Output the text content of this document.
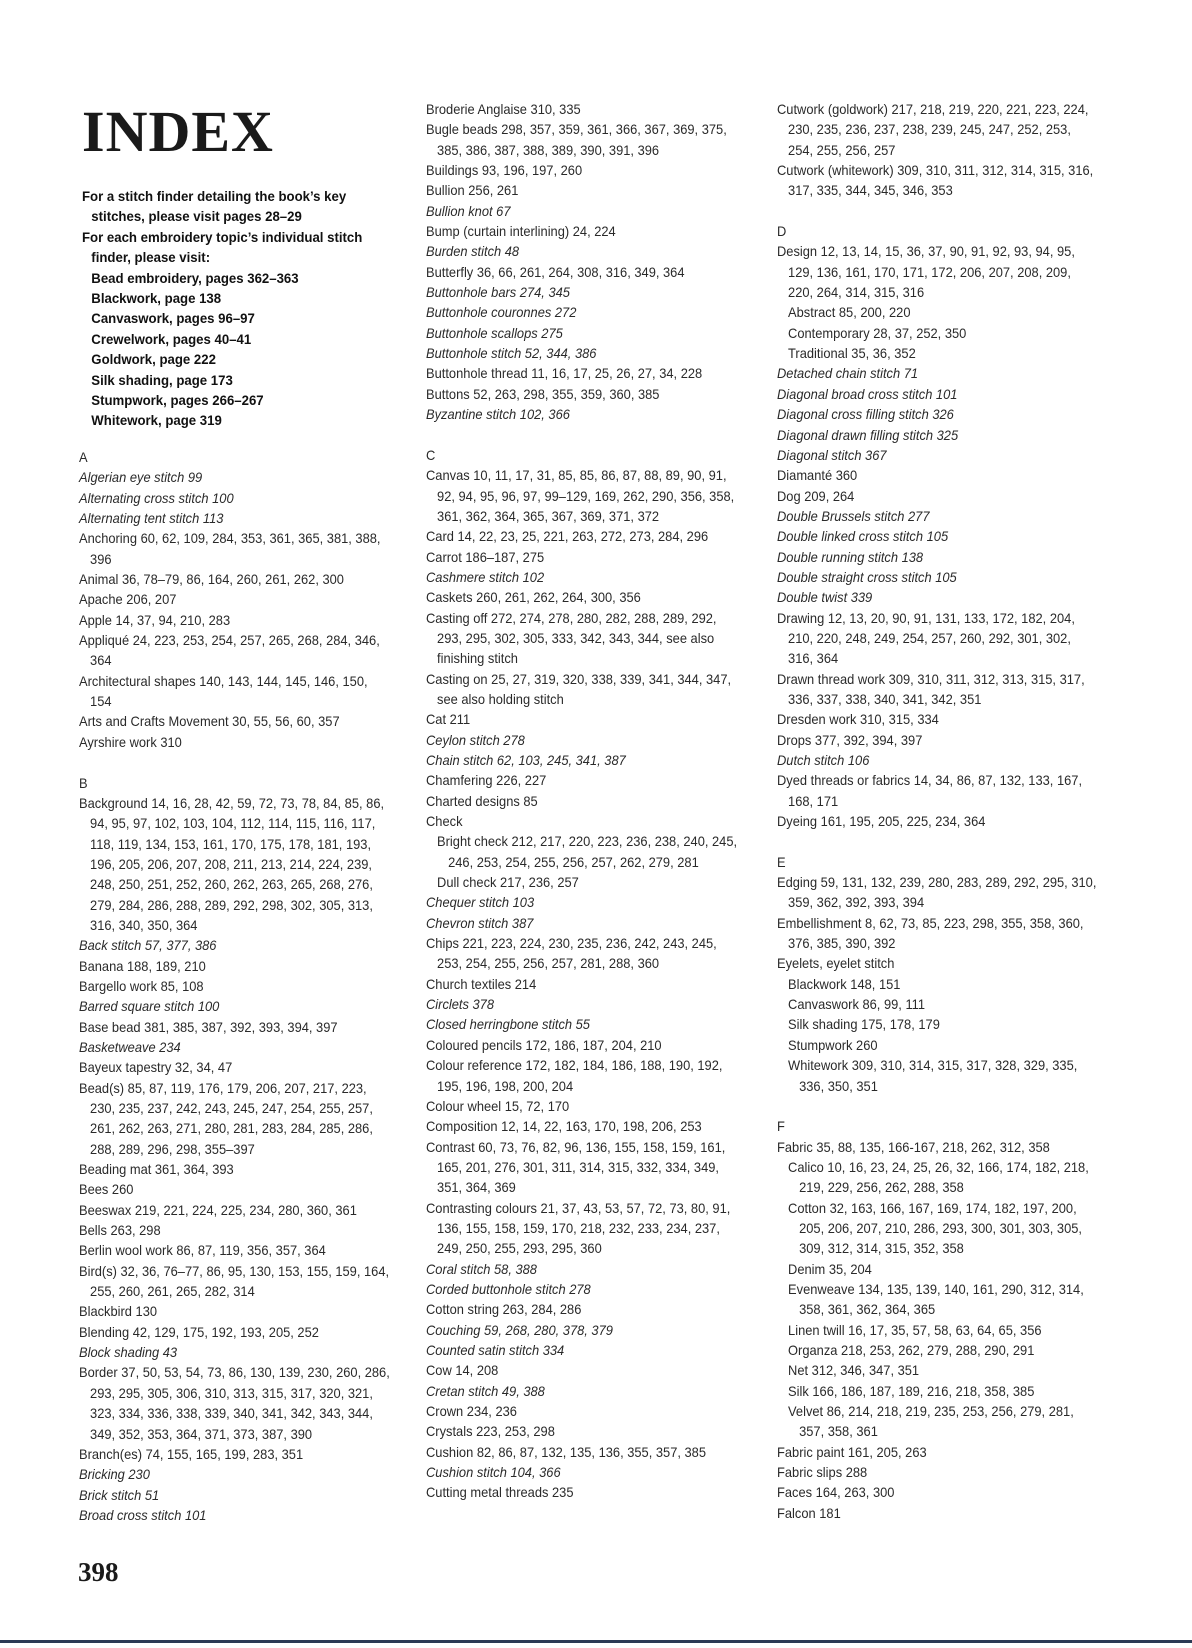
INDEX
For a stitch finder detailing the book’s key
stitches, please visit pages 28–29
For each embroidery topic’s individual stitch
finder, please visit:
Bead embroidery, pages 362–363
Blackwork, page 138
Canvaswork, pages 96–97
Crewelwork, pages 40–41
Goldwork, page 222
Silk shading, page 173
Stumpwork, pages 266–267
Whitework, page 319
A
Algerian eye stitch 99
Alternating cross stitch 100
Alternating tent stitch 113
Anchoring 60, 62, 109, 284, 353, 361, 365, 381, 388, 396
Animal 36, 78–79, 86, 164, 260, 261, 262, 300
Apache 206, 207
Apple 14, 37, 94, 210, 283
Appliqué 24, 223, 253, 254, 257, 265, 268, 284, 346, 364
Architectural shapes 140, 143, 144, 145, 146, 150, 154
Arts and Crafts Movement 30, 55, 56, 60, 357
Ayrshire work 310
B
Background 14, 16, 28, 42, 59, 72, 73, 78, 84, 85, 86, 94, 95, 97, 102, 103, 104, 112, 114, 115, 116, 117, 118, 119, 134, 153, 161, 170, 175, 178, 181, 193, 196, 205, 206, 207, 208, 211, 213, 214, 224, 239, 248, 250, 251, 252, 260, 262, 263, 265, 268, 276, 279, 284, 286, 288, 289, 292, 298, 302, 305, 313, 316, 340, 350, 364
Back stitch 57, 377, 386
Banana 188, 189, 210
Bargello work 85, 108
Barred square stitch 100
Base bead 381, 385, 387, 392, 393, 394, 397
Basketweave 234
Bayeux tapestry 32, 34, 47
Bead(s) 85, 87, 119, 176, 179, 206, 207, 217, 223, 230, 235, 237, 242, 243, 245, 247, 254, 255, 257, 261, 262, 263, 271, 280, 281, 283, 284, 285, 286, 288, 289, 296, 298, 355–397
Beading mat 361, 364, 393
Bees 260
Beeswax 219, 221, 224, 225, 234, 280, 360, 361
Bells 263, 298
Berlin wool work 86, 87, 119, 356, 357, 364
Bird(s) 32, 36, 76–77, 86, 95, 130, 153, 155, 159, 164, 255, 260, 261, 265, 282, 314
Blackbird 130
Blending 42, 129, 175, 192, 193, 205, 252
Block shading 43
Border 37, 50, 53, 54, 73, 86, 130, 139, 230, 260, 286, 293, 295, 305, 306, 310, 313, 315, 317, 320, 321, 323, 334, 336, 338, 339, 340, 341, 342, 343, 344, 349, 352, 353, 364, 371, 373, 387, 390
Branch(es) 74, 155, 165, 199, 283, 351
Bricking 230
Brick stitch 51
Broad cross stitch 101
Broderie Anglaise 310, 335
Bugle beads 298, 357, 359, 361, 366, 367, 369, 375, 385, 386, 387, 388, 389, 390, 391, 396
Buildings 93, 196, 197, 260
Bullion 256, 261
Bullion knot 67
Bump (curtain interlining) 24, 224
Burden stitch 48
Butterfly 36, 66, 261, 264, 308, 316, 349, 364
Buttonhole bars 274, 345
Buttonhole couronnes 272
Buttonhole scallops 275
Buttonhole stitch 52, 344, 386
Buttonhole thread 11, 16, 17, 25, 26, 27, 34, 228
Buttons 52, 263, 298, 355, 359, 360, 385
Byzantine stitch 102, 366
C
Canvas 10, 11, 17, 31, 85, 85, 86, 87, 88, 89, 90, 91, 92, 94, 95, 96, 97, 99–129, 169, 262, 290, 356, 358, 361, 362, 364, 365, 367, 369, 371, 372
Card 14, 22, 23, 25, 221, 263, 272, 273, 284, 296
Carrot 186–187, 275
Cashmere stitch 102
Caskets 260, 261, 262, 264, 300, 356
Casting off 272, 274, 278, 280, 282, 288, 289, 292, 293, 295, 302, 305, 333, 342, 343, 344, see also finishing stitch
Casting on 25, 27, 319, 320, 338, 339, 341, 344, 347, see also holding stitch
Cat 211
Ceylon stitch 278
Chain stitch 62, 103, 245, 341, 387
Chamfering 226, 227
Charted designs 85
Check
Bright check 212, 217, 220, 223, 236, 238, 240, 245, 246, 253, 254, 255, 256, 257, 262, 279, 281
Dull check 217, 236, 257
Chequer stitch 103
Chevron stitch 387
Chips 221, 223, 224, 230, 235, 236, 242, 243, 245, 253, 254, 255, 256, 257, 281, 288, 360
Church textiles 214
Circlets 378
Closed herringbone stitch 55
Coloured pencils 172, 186, 187, 204, 210
Colour reference 172, 182, 184, 186, 188, 190, 192, 195, 196, 198, 200, 204
Colour wheel 15, 72, 170
Composition 12, 14, 22, 163, 170, 198, 206, 253
Contrast 60, 73, 76, 82, 96, 136, 155, 158, 159, 161, 165, 201, 276, 301, 311, 314, 315, 332, 334, 349, 351, 364, 369
Contrasting colours 21, 37, 43, 53, 57, 72, 73, 80, 91, 136, 155, 158, 159, 170, 218, 232, 233, 234, 237, 249, 250, 255, 293, 295, 360
Coral stitch 58, 388
Corded buttonhole stitch 278
Cotton string 263, 284, 286
Couching 59, 268, 280, 378, 379
Counted satin stitch 334
Cow 14, 208
Cretan stitch 49, 388
Crown 234, 236
Crystals 223, 253, 298
Cushion 82, 86, 87, 132, 135, 136, 355, 357, 385
Cushion stitch 104, 366
Cutting metal threads 235
Cutwork (goldwork) 217, 218, 219, 220, 221, 223, 224, 230, 235, 236, 237, 238, 239, 245, 247, 252, 253, 254, 255, 256, 257
Cutwork (whitework) 309, 310, 311, 312, 314, 315, 316, 317, 335, 344, 345, 346, 353
D
Design 12, 13, 14, 15, 36, 37, 90, 91, 92, 93, 94, 95, 129, 136, 161, 170, 171, 172, 206, 207, 208, 209, 220, 264, 314, 315, 316
Abstract 85, 200, 220
Contemporary 28, 37, 252, 350
Traditional 35, 36, 352
Detached chain stitch 71
Diagonal broad cross stitch 101
Diagonal cross filling stitch 326
Diagonal drawn filling stitch 325
Diagonal stitch 367
Diamanté 360
Dog 209, 264
Double Brussels stitch 277
Double linked cross stitch 105
Double running stitch 138
Double straight cross stitch 105
Double twist 339
Drawing 12, 13, 20, 90, 91, 131, 133, 172, 182, 204, 210, 220, 248, 249, 254, 257, 260, 292, 301, 302, 316, 364
Drawn thread work 309, 310, 311, 312, 313, 315, 317, 336, 337, 338, 340, 341, 342, 351
Dresden work 310, 315, 334
Drops 377, 392, 394, 397
Dutch stitch 106
Dyed threads or fabrics 14, 34, 86, 87, 132, 133, 167, 168, 171
Dyeing 161, 195, 205, 225, 234, 364
E
Edging 59, 131, 132, 239, 280, 283, 289, 292, 295, 310, 359, 362, 392, 393, 394
Embellishment 8, 62, 73, 85, 223, 298, 355, 358, 360, 376, 385, 390, 392
Eyelets, eyelet stitch
Blackwork 148, 151
Canvaswork 86, 99, 111
Silk shading 175, 178, 179
Stumpwork 260
Whitework 309, 310, 314, 315, 317, 328, 329, 335, 336, 350, 351
F
Fabric 35, 88, 135, 166-167, 218, 262, 312, 358
Calico 10, 16, 23, 24, 25, 26, 32, 166, 174, 182, 218, 219, 229, 256, 262, 288, 358
Cotton 32, 163, 166, 167, 169, 174, 182, 197, 200, 205, 206, 207, 210, 286, 293, 300, 301, 303, 305, 309, 312, 314, 315, 352, 358
Denim 35, 204
Evenweave 134, 135, 139, 140, 161, 290, 312, 314, 358, 361, 362, 364, 365
Linen twill 16, 17, 35, 57, 58, 63, 64, 65, 356
Organza 218, 253, 262, 279, 288, 290, 291
Net 312, 346, 347, 351
Silk 166, 186, 187, 189, 216, 218, 358, 385
Velvet 86, 214, 218, 219, 235, 253, 256, 279, 281, 357, 358, 361
Fabric paint 161, 205, 263
Fabric slips 288
Faces 164, 263, 300
Falcon 181
398
